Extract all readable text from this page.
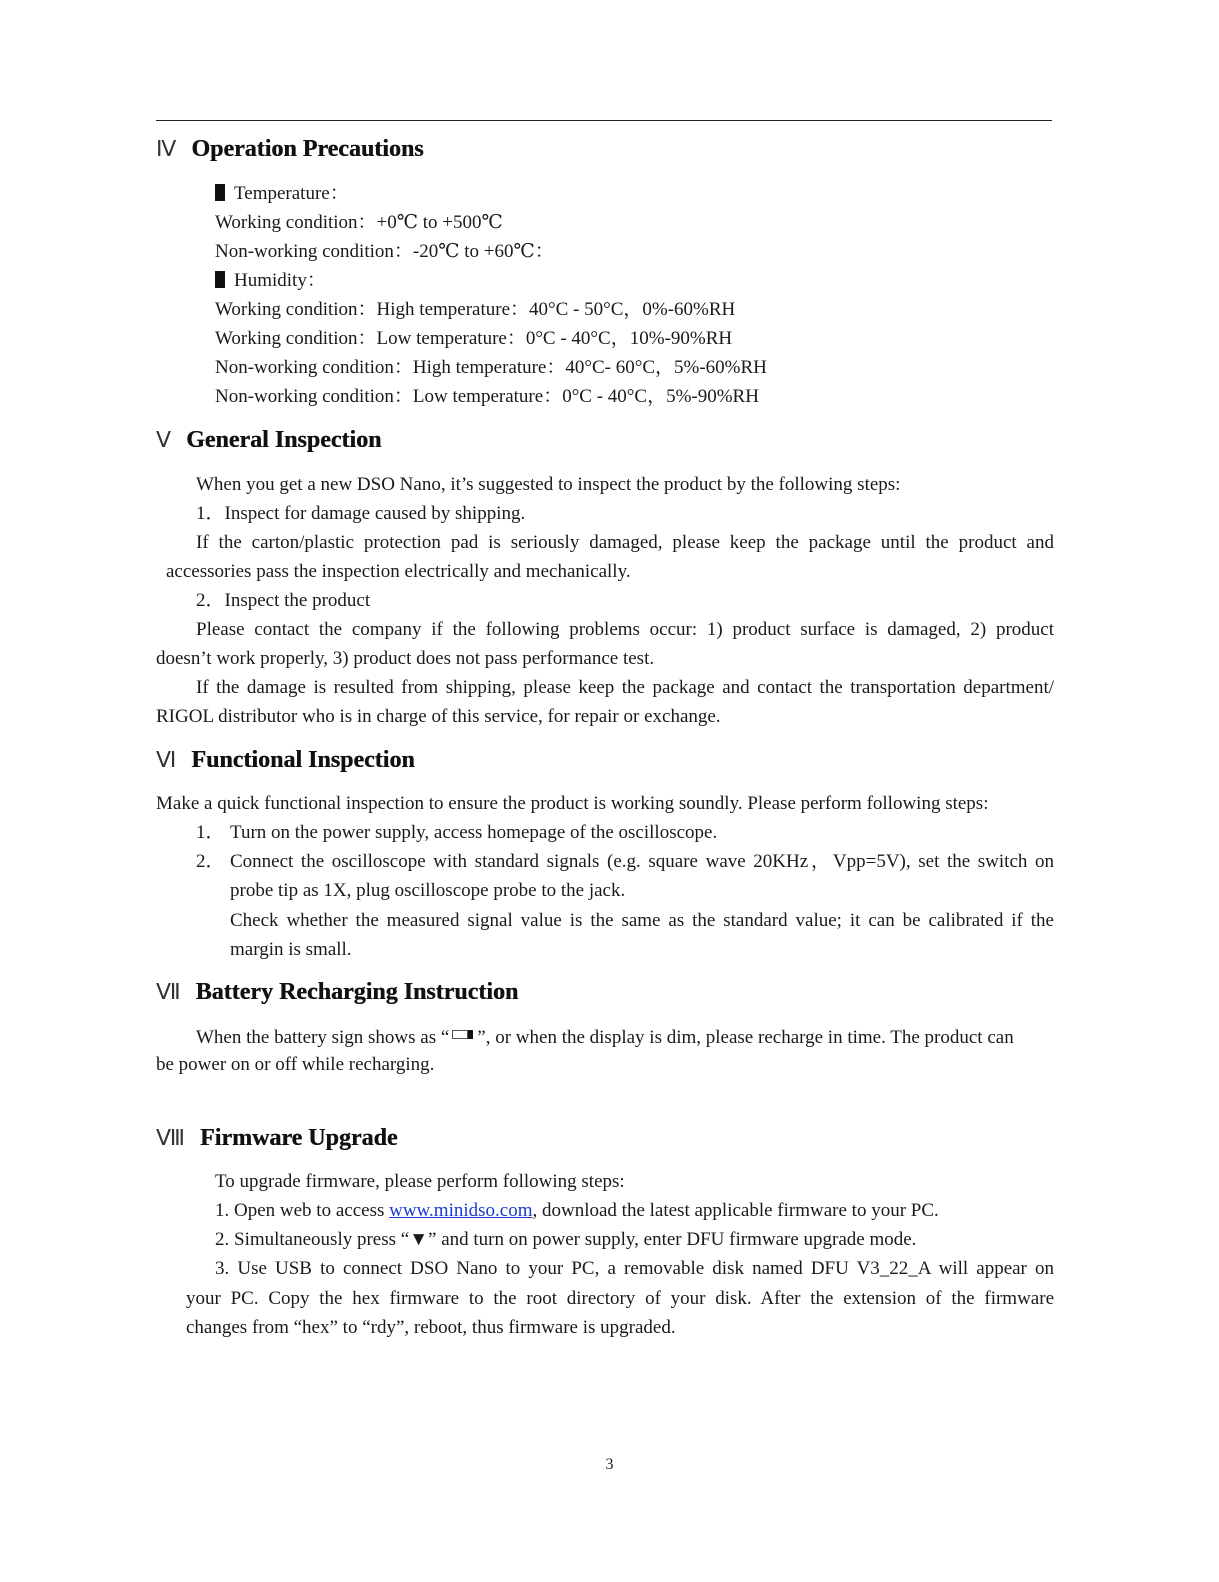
Ⅳ Operation Precautions
Temperature：
Working condition：+0℃ to +500℃
Non-working condition：-20℃ to +60℃：
Humidity：
Working condition：High temperature：40°C - 50°C，0%-60%RH
Working condition：Low temperature：0°C - 40°C，10%-90%RH
Non-working condition：High temperature：40°C- 60°C，5%-60%RH
Non-working condition：Low temperature：0°C - 40°C，5%-90%RH
Ⅴ General Inspection
When you get a new DSO Nano, it’s suggested to inspect the product by the following steps:
1．Inspect for damage caused by shipping.
If the carton/plastic protection pad is seriously damaged, please keep the package until the product and
accessories pass the inspection electrically and mechanically.
2．Inspect the product
Please contact the company if the following problems occur: 1) product surface is damaged, 2) product
doesn’t work properly, 3) product does not pass performance test.
If the damage is resulted from shipping, please keep the package and contact the transportation department/
RIGOL distributor who is in charge of this service, for repair or exchange.
Ⅵ Functional Inspection
Make a quick functional inspection to ensure the product is working soundly. Please perform following steps:
1． Turn on the power supply, access homepage of the oscilloscope.
2． Connect the oscilloscope with standard signals (e.g. square wave 20KHz，Vpp=5V), set the switch on
probe tip as 1X, plug oscilloscope probe to the jack.
Check whether the measured signal value is the same as the standard value; it can be calibrated if the
margin is small.
Ⅶ Battery Recharging Instruction
When the battery sign shows as “ ”, or when the display is dim, please recharge in time. The product can
be power on or off while recharging.
Ⅷ Firmware Upgrade
To upgrade firmware, please perform following steps:
1. Open web to access www.minidso.com, download the latest applicable firmware to your PC.
2. Simultaneously press “▼” and turn on power supply, enter DFU firmware upgrade mode.
3. Use USB to connect DSO Nano to your PC, a removable disk named DFU V3_22_A will appear on
your PC. Copy the hex firmware to the root directory of your disk. After the extension of the firmware
changes from “hex” to “rdy”, reboot, thus firmware is upgraded.
3
